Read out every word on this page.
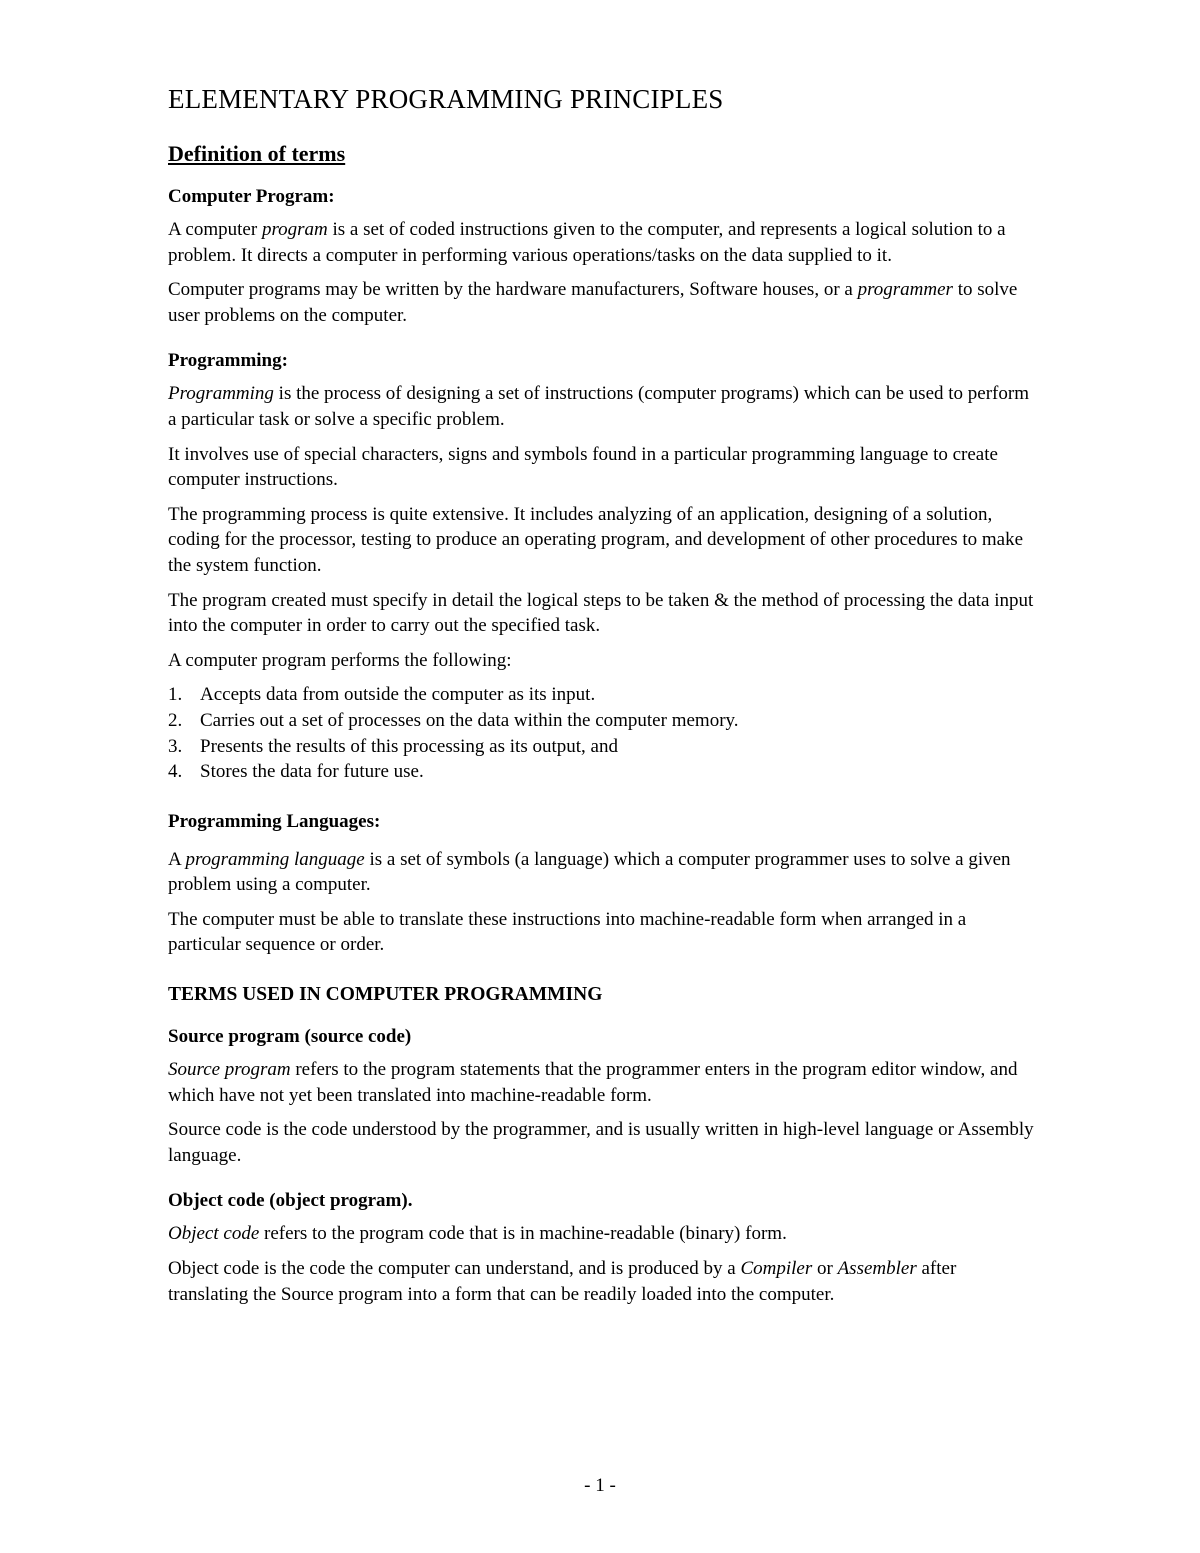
ELEMENTARY PROGRAMMING PRINCIPLES
Definition of terms
Computer Program:

A computer program is a set of coded instructions given to the computer, and represents a logical solution to a problem. It directs a computer in performing various operations/tasks on the data supplied to it.

Computer programs may be written by the hardware manufacturers, Software houses, or a programmer to solve user problems on the computer.

Programming:

Programming is the process of designing a set of instructions (computer programs) which can be used to perform a particular task or solve a specific problem.

It involves use of special characters, signs and symbols found in a particular programming language to create computer instructions.

The programming process is quite extensive. It includes analyzing of an application, designing of a solution, coding for the processor, testing to produce an operating program, and development of other procedures to make the system function.

The program created must specify in detail the logical steps to be taken & the method of processing the data input into the computer in order to carry out the specified task.

A computer program performs the following:

1. Accepts data from outside the computer as its input.
2. Carries out a set of processes on the data within the computer memory.
3. Presents the results of this processing as its output, and
4. Stores the data for future use.
Programming Languages:

A programming language is a set of symbols (a language) which a computer programmer uses to solve a given problem using a computer.

The computer must be able to translate these instructions into machine-readable form when arranged in a particular sequence or order.

TERMS USED IN COMPUTER PROGRAMMING
Source program (source code)

Source program refers to the program statements that the programmer enters in the program editor window, and which have not yet been translated into machine-readable form.

Source code is the code understood by the programmer, and is usually written in high-level language or Assembly language.

Object code (object program).

Object code refers to the program code that is in machine-readable (binary) form.

Object code is the code the computer can understand, and is produced by a Compiler or Assembler after translating the Source program into a form that can be readily loaded into the computer.

- 1 -
